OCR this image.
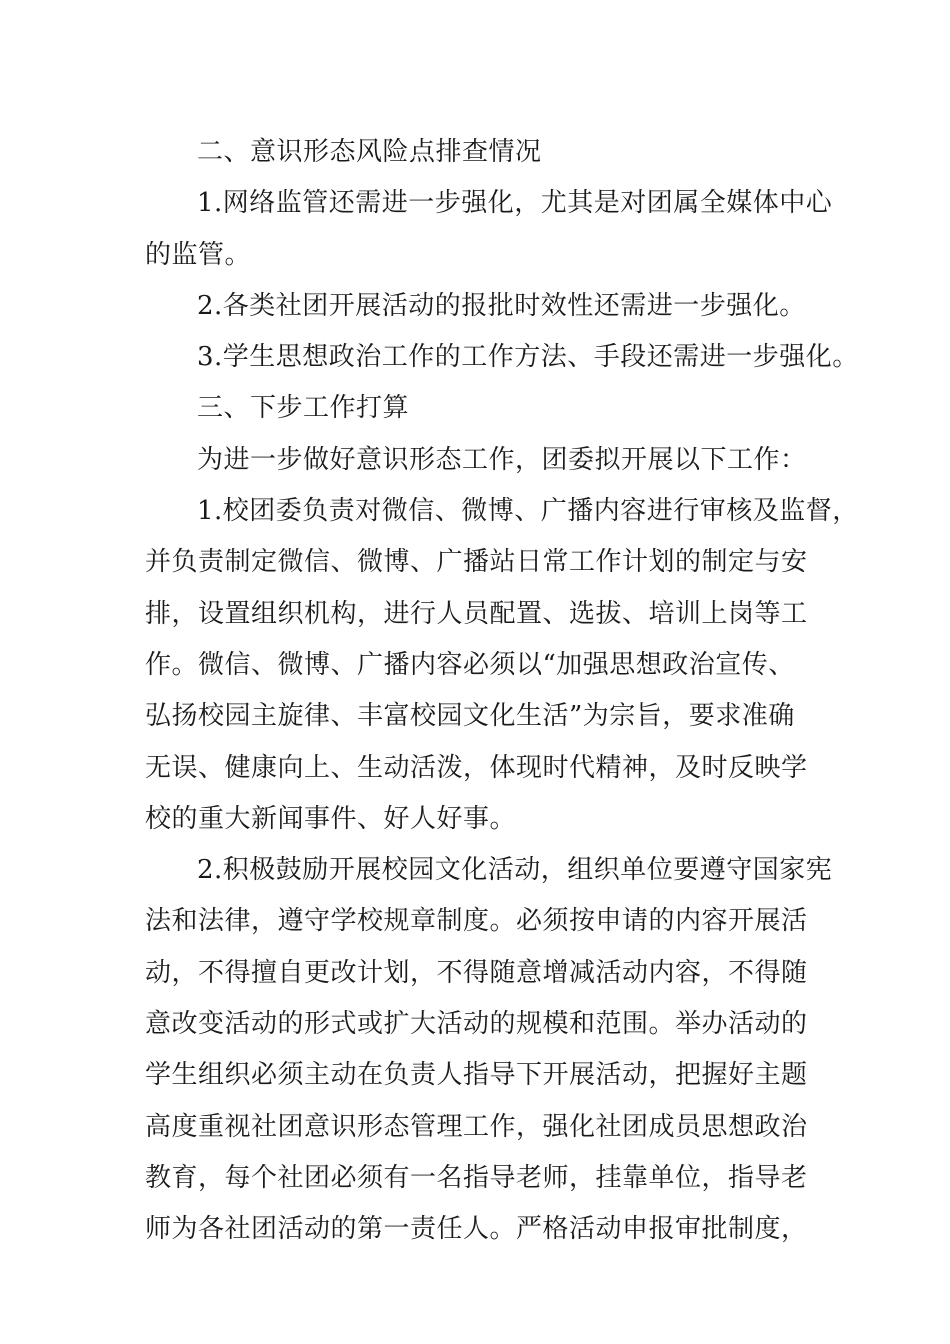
二、意识形态风险点排查情况
1.网络监管还需进一步强化，尤其是对团属全媒体中心
的监管。
2.各类社团开展活动的报批时效性还需进一步强化。
3.学生思想政治工作的工作方法、手段还需进一步强化。
三、下步工作打算
为进一步做好意识形态工作，团委拟开展以下工作：
1.校团委负责对微信、微博、广播内容进行审核及监督，
并负责制定微信、微博、广播站日常工作计划的制定与安
排，设置组织机构，进行人员配置、选拔、培训上岗等工
作。微信、微博、广播内容必须以“加强思想政治宣传、
弘扬校园主旋律、丰富校园文化生活”为宗旨，要求准确
无误、健康向上、生动活泼，体现时代精神，及时反映学
校的重大新闻事件、好人好事。
2.积极鼓励开展校园文化活动，组织单位要遵守国家宪
法和法律，遵守学校规章制度。必须按申请的内容开展活
动，不得擅自更改计划，不得随意增减活动内容，不得随
意改变活动的形式或扩大活动的规模和范围。举办活动的
学生组织必须主动在负责人指导下开展活动，把握好主题
高度重视社团意识形态管理工作，强化社团成员思想政治
教育，每个社团必须有一名指导老师，挂靠单位，指导老
师为各社团活动的第一责任人。严格活动申报审批制度，
